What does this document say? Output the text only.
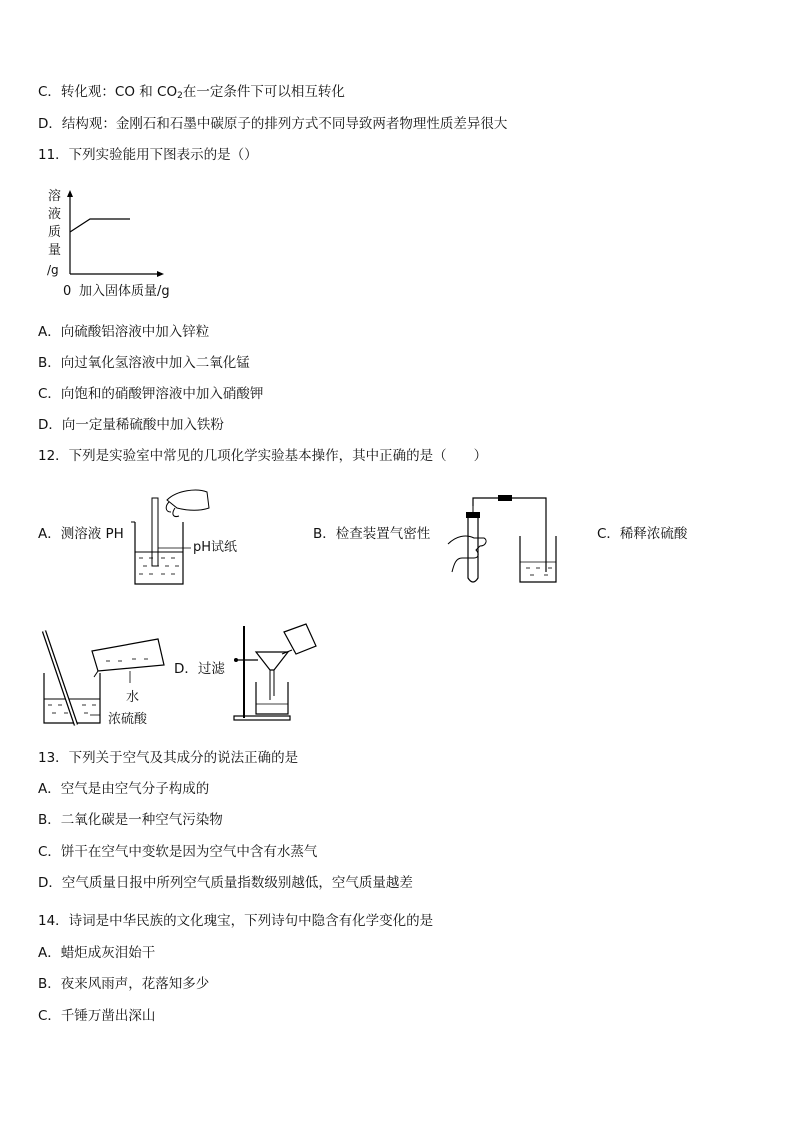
C．转化观：CO 和 $CO_2$在一定条件下可以相互转化
D．结构观：金刚石和石墨中碳原子的排列方式不同导致两者物理性质差异很大
11．下列实验能用下图表示的是（）
溶
液
质
量
/g
0 加入固体质量/g
A．向硫酸铝溶液中加入锌粒
B．向过氧化氢溶液中加入二氧化锰
C．向饱和的硝酸钾溶液中加入硝酸钾
D．向一定量稀硫酸中加入铁粉
12．下列是实验室中常见的几项化学实验基本操作，其中正确的是（　　）
A．测溶液 PH
pH试纸
B．检查装置气密性	C．稀释浓硫酸
水
浓硫酸
D．过滤
13．下列关于空气及其成分的说法正确的是
A．空气是由空气分子构成的
B．二氧化碳是一种空气污染物
C．饼干在空气中变软是因为空气中含有水蒸气
D．空气质量日报中所列空气质量指数级别越低，空气质量越差
14．诗词是中华民族的文化瑰宝，下列诗句中隐含有化学变化的是
A．蜡炬成灰泪始干
B．夜来风雨声，花落知多少
C．千锤万凿出深山
